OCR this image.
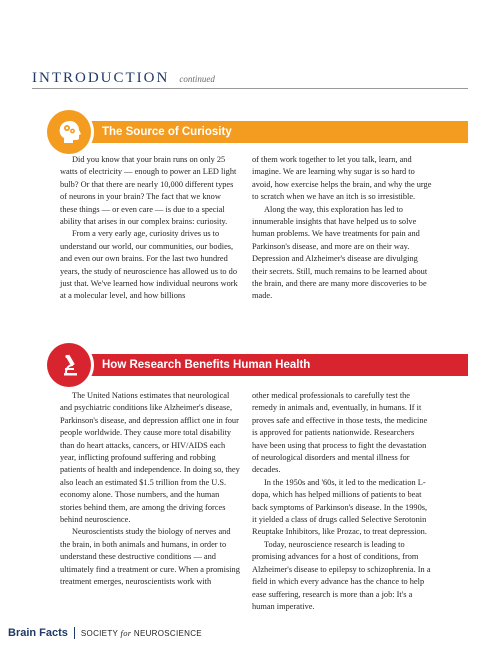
INTRODUCTION continued
The Source of Curiosity

Did you know that your brain runs on only 25 watts of electricity — enough to power an LED light bulb? Or that there are nearly 10,000 different types of neurons in your brain? The fact that we know these things — or even care — is due to a special ability that arises in our complex brains: curiosity.

From a very early age, curiosity drives us to understand our world, our communities, our bodies, and even our own brains. For the last two hundred years, the study of neuroscience has allowed us to do just that. We've learned how individual neurons work at a molecular level, and how billions

of them work together to let you talk, learn, and imagine. We are learning why sugar is so hard to avoid, how exercise helps the brain, and why the urge to scratch when we have an itch is so irresistible.

Along the way, this exploration has led to innumerable insights that have helped us to solve human problems. We have treatments for pain and Parkinson's disease, and more are on their way. Depression and Alzheimer's disease are divulging their secrets. Still, much remains to be learned about the brain, and there are many more discoveries to be made.

How Research Benefits Human Health

The United Nations estimates that neurological and psychiatric conditions like Alzheimer's disease, Parkinson's disease, and depression afflict one in four people worldwide. They cause more total disability than do heart attacks, cancers, or HIV/AIDS each year, inflicting profound suffering and robbing patients of health and independence. In doing so, they also leach an estimated $1.5 trillion from the U.S. economy alone. Those numbers, and the human stories behind them, are among the driving forces behind neuroscience.

Neuroscientists study the biology of nerves and the brain, in both animals and humans, in order to understand these destructive conditions — and ultimately find a treatment or cure. When a promising treatment emerges, neuroscientists work with

other medical professionals to carefully test the remedy in animals and, eventually, in humans. If it proves safe and effective in those tests, the medicine is approved for patients nationwide. Researchers have been using that process to fight the devastation of neurological disorders and mental illness for decades.

In the 1950s and '60s, it led to the medication L-dopa, which has helped millions of patients to beat back symptoms of Parkinson's disease. In the 1990s, it yielded a class of drugs called Selective Serotonin Reuptake Inhibitors, like Prozac, to treat depression.

Today, neuroscience research is leading to promising advances for a host of conditions, from Alzheimer's disease to epilepsy to schizophrenia. In a field in which every advance has the chance to help ease suffering, research is more than a job: It's a human imperative.

Brain Facts SOCIETY for NEUROSCIENCE
